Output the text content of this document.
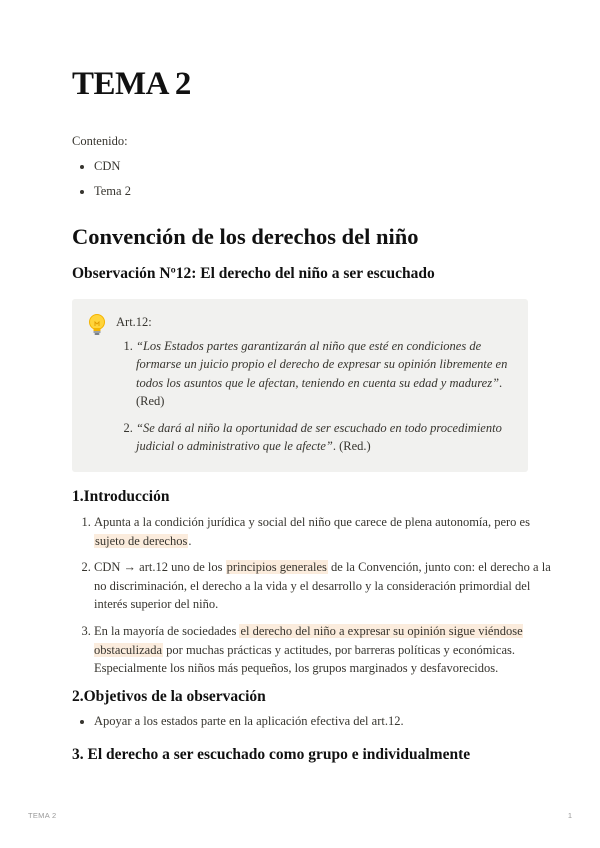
TEMA 2

Contenido:

• CDN
• Tema 2
Convención de los derechos del niño
Observación Nº12: El derecho del niño a ser escuchado

Art.12:

1. “Los Estados partes garantizarán al niño que esté en condiciones de formarse un juicio propio el derecho de expresar su opinión libremente en todos los asuntos que le afectan, teniendo en cuenta su edad y madurez”. (Red)
2. “Se dará al niño la oportunidad de ser escuchado en todo procedimiento judicial o administrativo que le afecte”. (Red.)
1.Introducción
1. Apunta a la condición jurídica y social del niño que carece de plena autonomía, pero es sujeto de derechos.
2. CDN → art.12 uno de los principios generales de la Convención, junto con: el derecho a la no discriminación, el derecho a la vida y el desarrollo y la consideración primordial del interés superior del niño.
3. En la mayoría de sociedades el derecho del niño a expresar su opinión sigue viéndose obstaculizada por muchas prácticas y actitudes, por barreras políticas y económicas. Especialmente los niños más pequeños, los grupos marginados y desfavorecidos.
2.Objetivos de la observación
• Apoyar a los estados parte en la aplicación efectiva del art.12.
3. El derecho a ser escuchado como grupo e individualmente
TEMA 2	1
